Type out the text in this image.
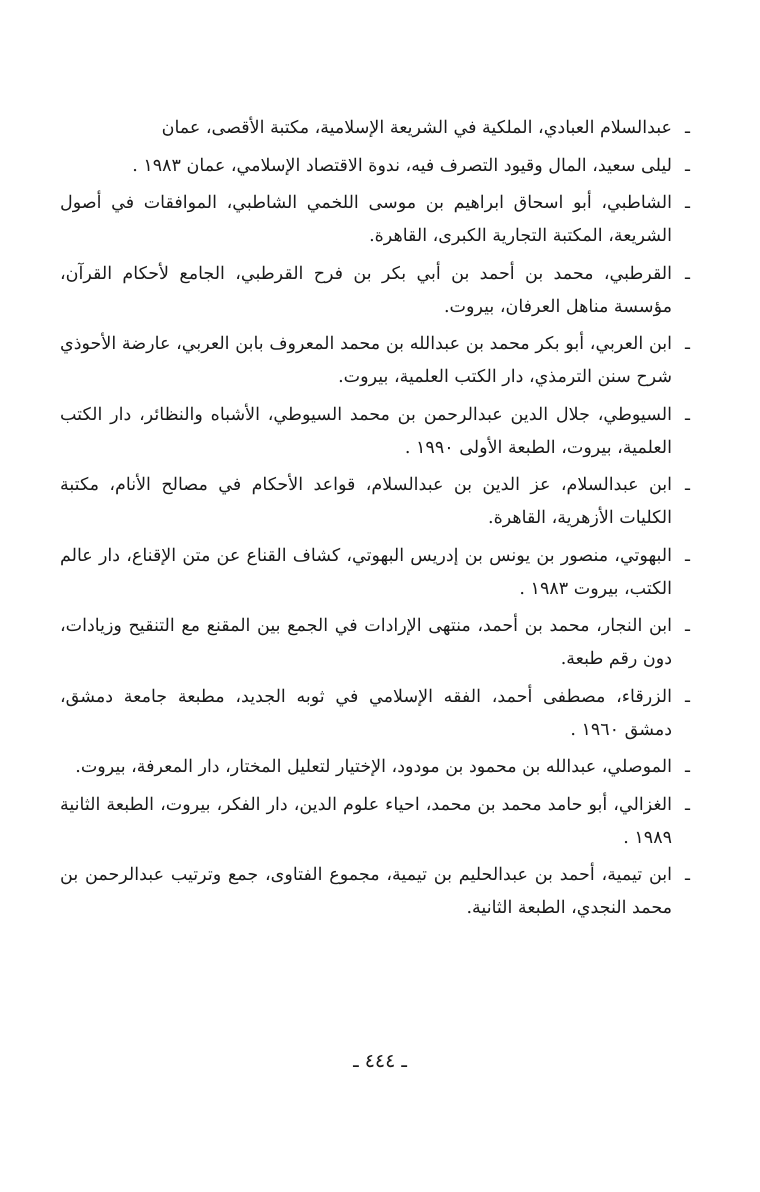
ـ
عبدالسلام العبادي، الملكية في الشريعة الإسلامية، مكتبة الأقصى، عمان
ـ
ليلى سعيد، المال وقيود التصرف فيه، ندوة الاقتصاد الإسلامي، عمان ١٩٨٣ .
ـ
الشاطبي، أبو اسحاق ابراهيم بن موسى اللخمي الشاطبي، الموافقات في أصول الشريعة، المكتبة التجارية الكبرى، القاهرة.
ـ
القرطبي، محمد بن أحمد بن أبي بكر بن فرح القرطبي، الجامع لأحكام القرآن، مؤسسة مناهل العرفان، بيروت.
ـ
ابن العربي، أبو بكر محمد بن عبدالله بن محمد المعروف بابن العربي، عارضة الأحوذي شرح سنن الترمذي، دار الكتب العلمية، بيروت.
ـ
السيوطي، جلال الدين عبدالرحمن بن محمد السيوطي، الأشباه والنظائر، دار الكتب العلمية، بيروت، الطبعة الأولى ١٩٩٠ .
ـ
ابن عبدالسلام، عز الدين بن عبدالسلام، قواعد الأحكام في مصالح الأنام، مكتبة الكليات الأزهرية، القاهرة.
ـ
البهوتي، منصور بن يونس بن إدريس البهوتي، كشاف القناع عن متن الإقناع، دار عالم الكتب، بيروت ١٩٨٣ .
ـ
ابن النجار، محمد بن أحمد، منتهى الإرادات في الجمع بين المقنع مع التنقيح وزيادات، دون رقم طبعة.
ـ
الزرقاء، مصطفى أحمد، الفقه الإسلامي في ثوبه الجديد، مطبعة جامعة دمشق، دمشق ١٩٦٠ .
ـ
الموصلي، عبدالله بن محمود بن مودود، الإختيار لتعليل المختار، دار المعرفة، بيروت.
ـ
الغزالي، أبو حامد محمد بن محمد، احياء علوم الدين، دار الفكر، بيروت، الطبعة الثانية ١٩٨٩ .
ـ
ابن تيمية، أحمد بن عبدالحليم بن تيمية، مجموع الفتاوى، جمع وترتيب عبدالرحمن بن محمد النجدي، الطبعة الثانية.
ـ ٤٤٤ ـ
